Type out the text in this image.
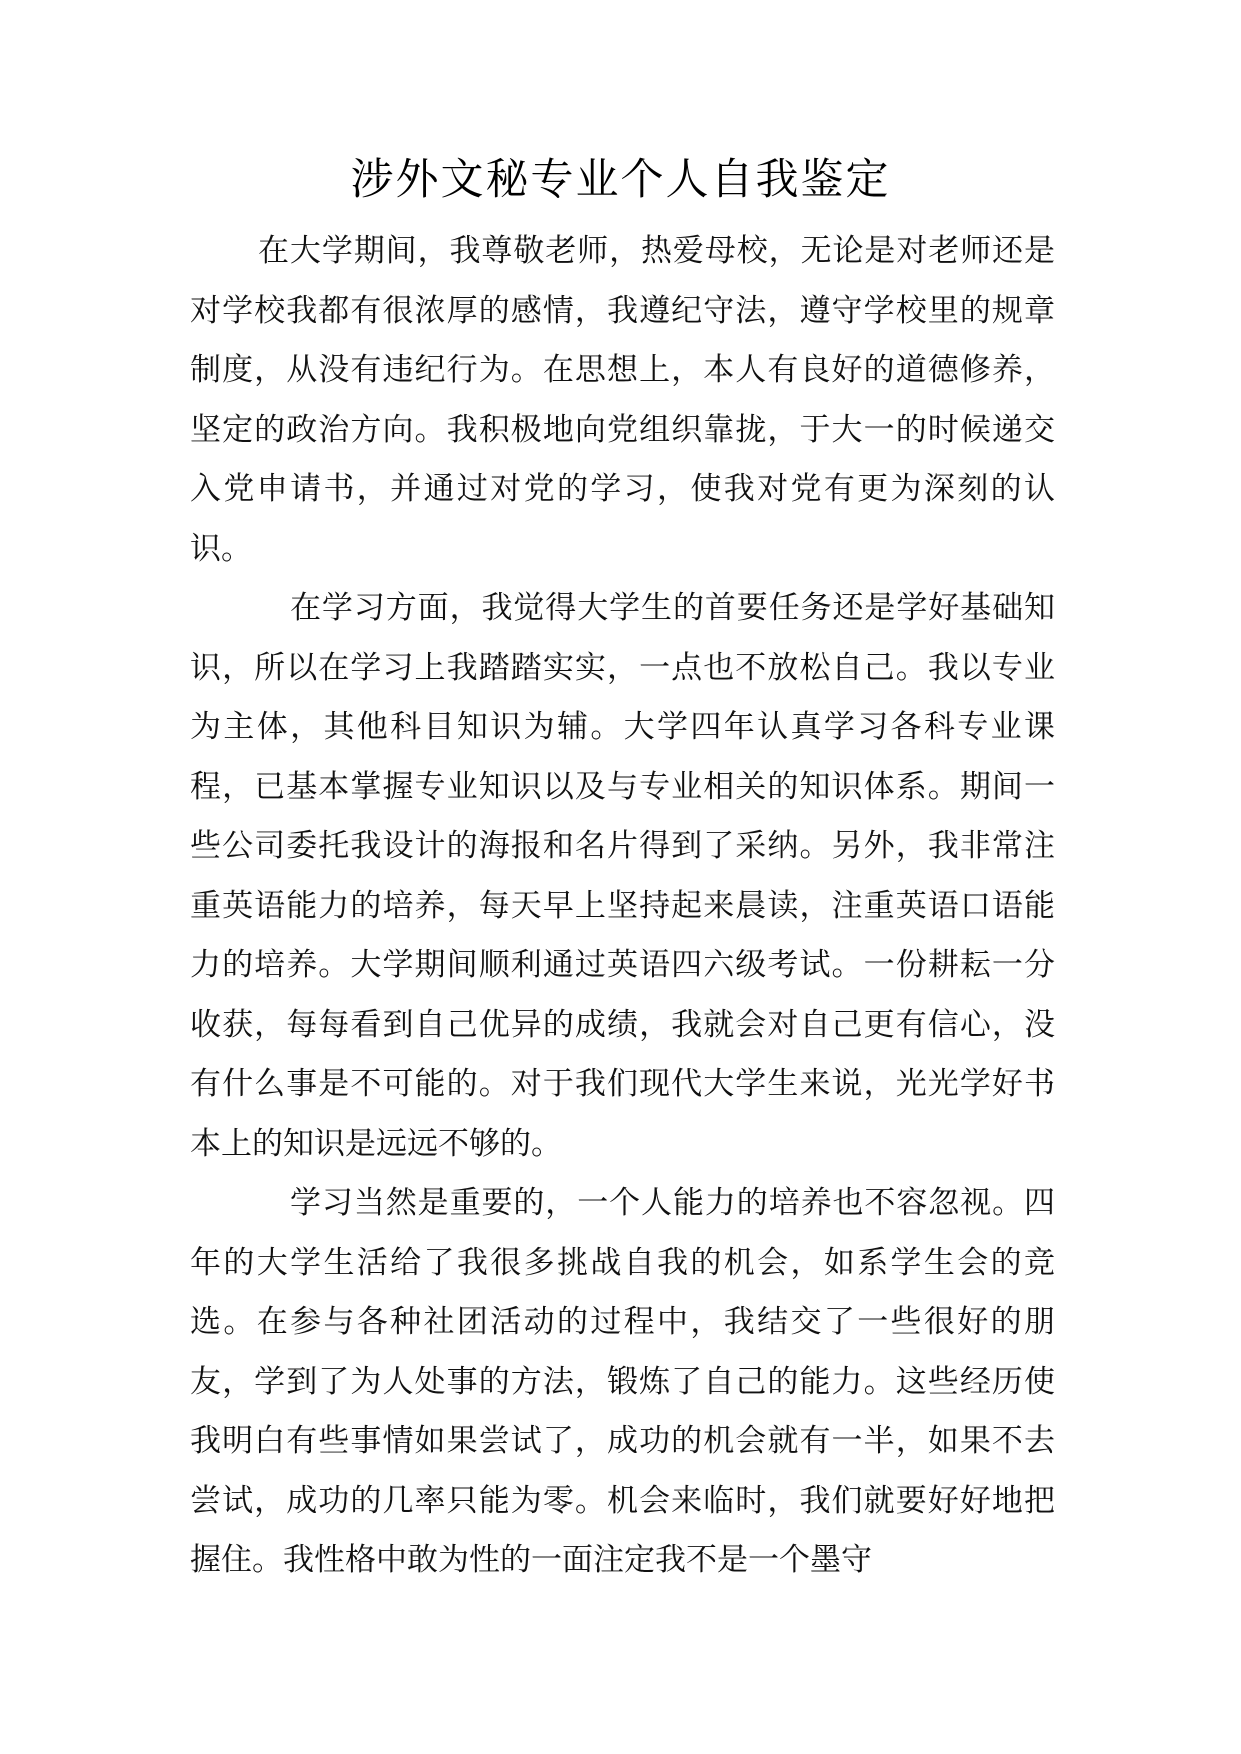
涉外文秘专业个人自我鉴定

在大学期间，我尊敬老师，热爱母校，无论是对老师还是对学校我都有很浓厚的感情，我遵纪守法，遵守学校里的规章制度，从没有违纪行为。在思想上，本人有良好的道德修养，坚定的政治方向。我积极地向党组织靠拢，于大一的时候递交入党申请书，并通过对党的学习，使我对党有更为深刻的认识。

在学习方面，我觉得大学生的首要任务还是学好基础知识，所以在学习上我踏踏实实，一点也不放松自己。我以专业为主体，其他科目知识为辅。大学四年认真学习各科专业课程，已基本掌握专业知识以及与专业相关的知识体系。期间一些公司委托我设计的海报和名片得到了采纳。另外，我非常注重英语能力的培养，每天早上坚持起来晨读，注重英语口语能力的培养。大学期间顺利通过英语四六级考试。一份耕耘一分收获，每每看到自己优异的成绩，我就会对自己更有信心，没有什么事是不可能的。对于我们现代大学生来说，光光学好书本上的知识是远远不够的。

学习当然是重要的，一个人能力的培养也不容忽视。四年的大学生活给了我很多挑战自我的机会，如系学生会的竞选。在参与各种社团活动的过程中，我结交了一些很好的朋友，学到了为人处事的方法，锻炼了自己的能力。这些经历使我明白有些事情如果尝试了，成功的机会就有一半，如果不去尝试，成功的几率只能为零。机会来临时，我们就要好好地把握住。我性格中敢为性的一面注定我不是一个墨守
